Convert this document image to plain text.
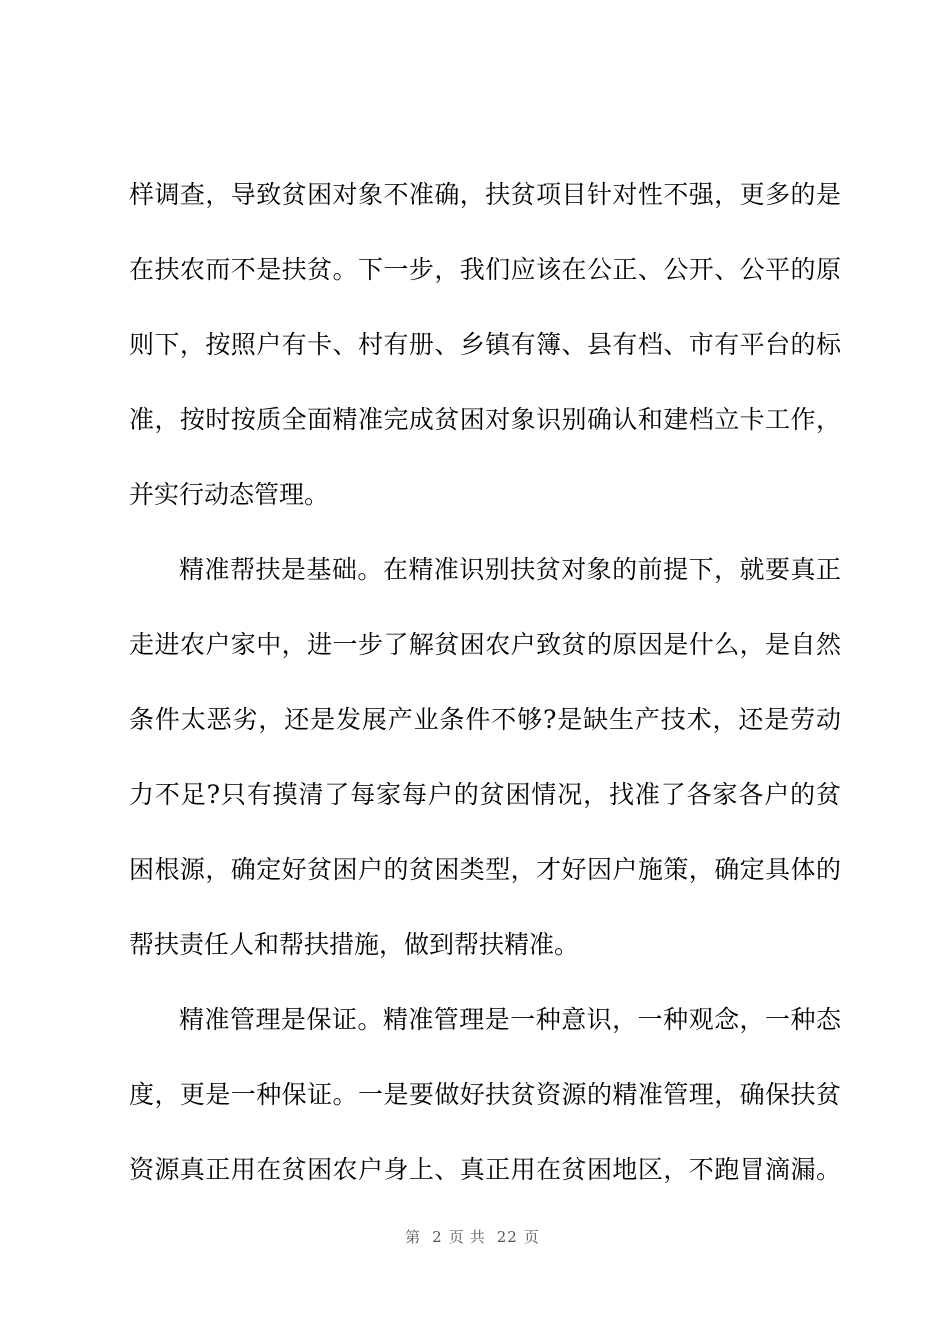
样调查，导致贫困对象不准确，扶贫项目针对性不强，更多的是
在扶农而不是扶贫。下一步，我们应该在公正、公开、公平的原
则下，按照户有卡、村有册、乡镇有簿、县有档、市有平台的标
准，按时按质全面精准完成贫困对象识别确认和建档立卡工作，
并实行动态管理。
精准帮扶是基础。在精准识别扶贫对象的前提下，就要真正
走进农户家中，进一步了解贫困农户致贫的原因是什么，是自然
条件太恶劣，还是发展产业条件不够?是缺生产技术，还是劳动
力不足?只有摸清了每家每户的贫困情况，找准了各家各户的贫
困根源，确定好贫困户的贫困类型，才好因户施策，确定具体的
帮扶责任人和帮扶措施，做到帮扶精准。
精准管理是保证。精准管理是一种意识，一种观念，一种态
度，更是一种保证。一是要做好扶贫资源的精准管理，确保扶贫
资源真正用在贫困农户身上、真正用在贫困地区，不跑冒滴漏。
第 2 页共 22 页
